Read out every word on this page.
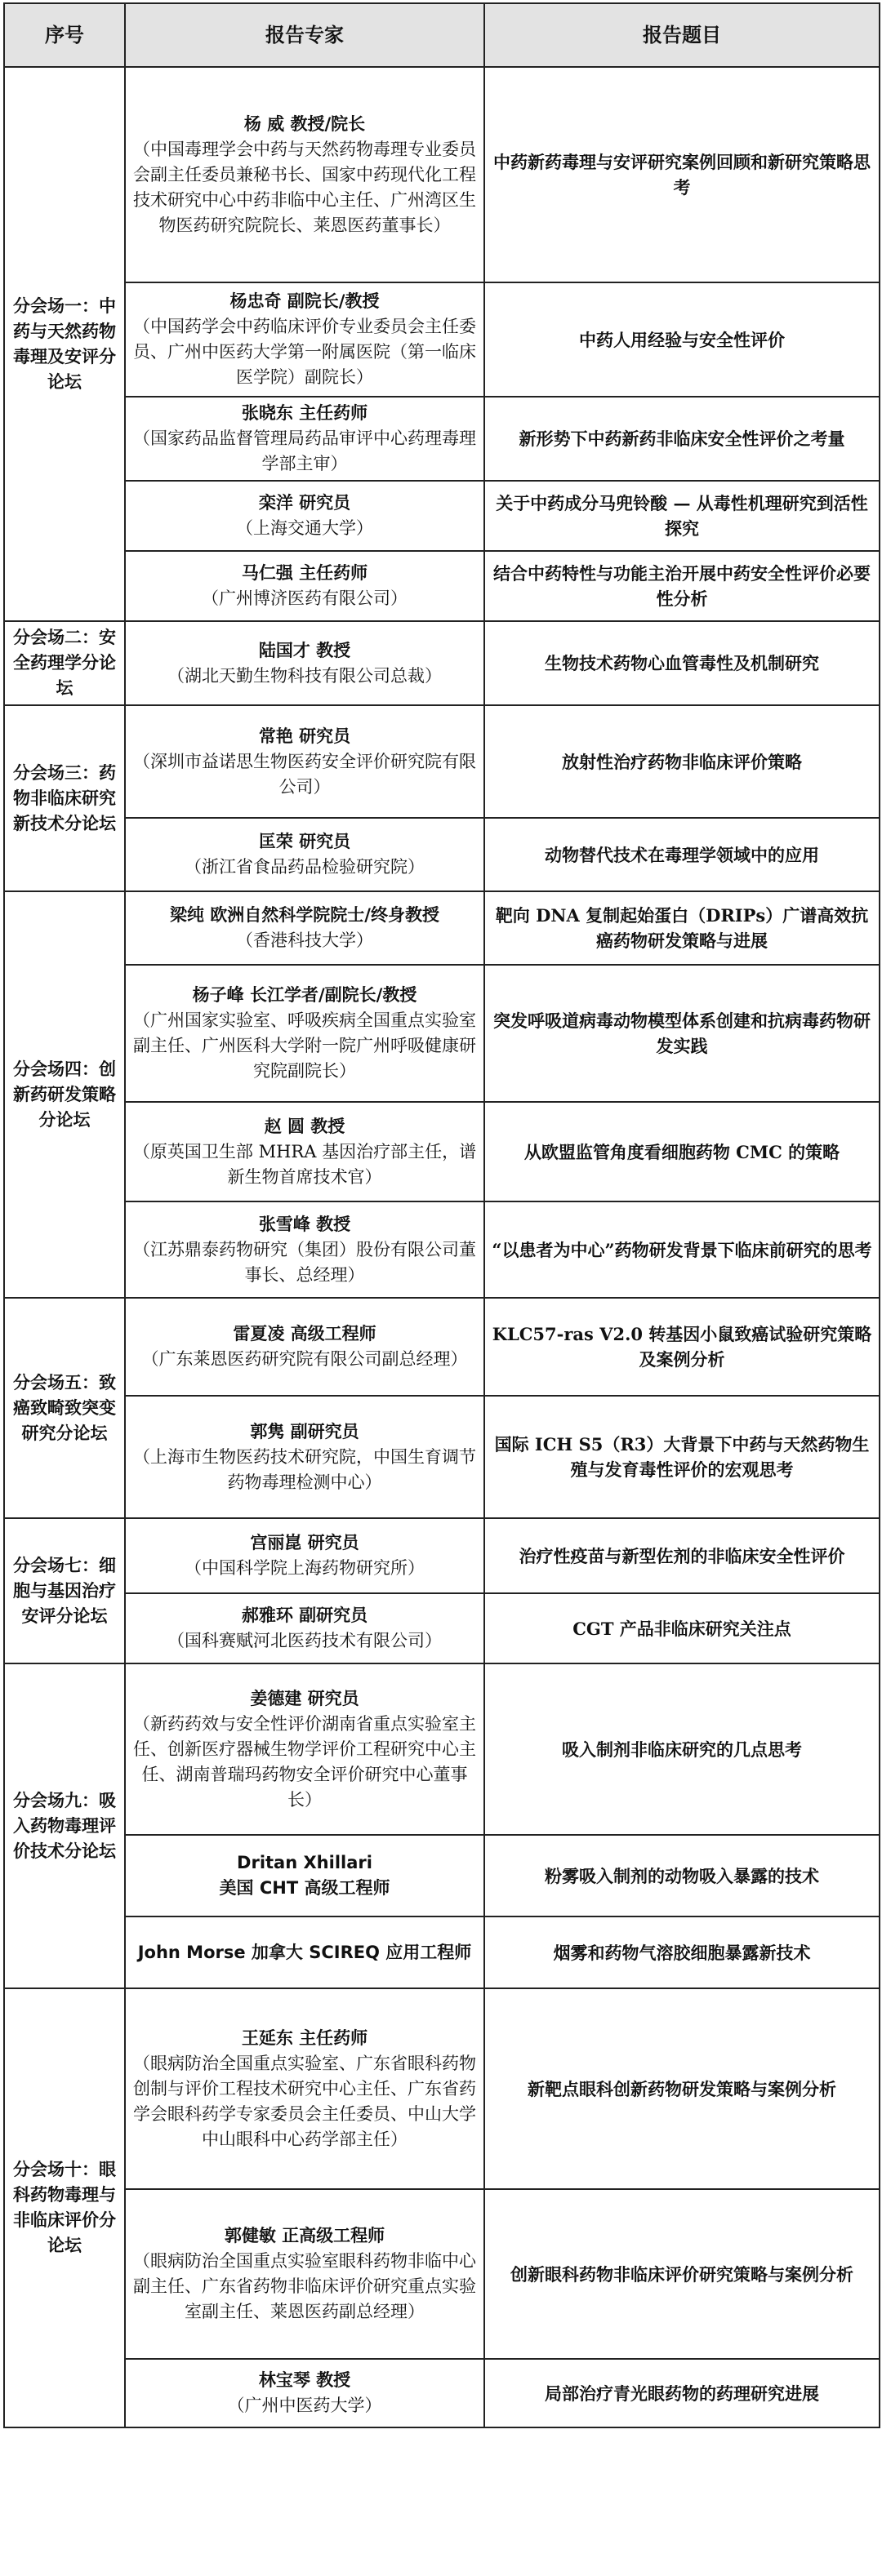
序号	报告专家	报告题目
分会场一：中药与天然药物毒理及安评分论坛	杨 威 教授/院长
（中国毒理学会中药与天然药物毒理专业委员会副主任委员兼秘书长、国家中药现代化工程技术研究中心中药非临中心主任、广州湾区生物医药研究院院长、莱恩医药董事长）	中药新药毒理与安评研究案例回顾和新研究策略思考

	杨忠奇 副院长/教授
（中国药学会中药临床评价专业委员会主任委员、广州中医药大学第一附属医院（第一临床医学院）副院长）	中药人用经验与安全性评价

	张晓东 主任药师
（国家药品监督管理局药品审评中心药理毒理学部主审）	新形势下中药新药非临床安全性评价之考量

	栾洋 研究员
（上海交通大学）	关于中药成分马兜铃酸 — 从毒性机理研究到活性探究

	马仁强 主任药师
（广州博济医药有限公司）	结合中药特性与功能主治开展中药安全性评价必要性分析
分会场二：安全药理学分论坛	陆国才 教授
（湖北天勤生物科技有限公司总裁）	生物技术药物心血管毒性及机制研究
分会场三：药物非临床研究新技术分论坛	常艳 研究员
（深圳市益诺思生物医药安全评价研究院有限公司）	放射性治疗药物非临床评价策略

	匡荣 研究员
（浙江省食品药品检验研究院）	动物替代技术在毒理学领域中的应用
分会场四：创新药研发策略分论坛	梁纯 欧洲自然科学院院士/终身教授
（香港科技大学）	靶向 DNA 复制起始蛋白（DRIPs）广谱高效抗癌药物研发策略与进展

	杨子峰 长江学者/副院长/教授
（广州国家实验室、呼吸疾病全国重点实验室副主任、广州医科大学附一院广州呼吸健康研究院副院长）	突发呼吸道病毒动物模型体系创建和抗病毒药物研发实践

	赵 圆 教授
（原英国卫生部 MHRA 基因治疗部主任，谱新生物首席技术官）	从欧盟监管角度看细胞药物 CMC 的策略

	张雪峰 教授
（江苏鼎泰药物研究（集团）股份有限公司董事长、总经理）	“以患者为中心”药物研发背景下临床前研究的思考
分会场五：致癌致畸致突变研究分论坛	雷夏凌 高级工程师
（广东莱恩医药研究院有限公司副总经理）	KLC57-ras V2.0 转基因小鼠致癌试验研究策略及案例分析

	郭隽 副研究员
（上海市生物医药技术研究院，中国生育调节药物毒理检测中心）	国际 ICH S5（R3）大背景下中药与天然药物生殖与发育毒性评价的宏观思考
分会场七：细胞与基因治疗安评分论坛	宫丽崑 研究员
（中国科学院上海药物研究所）	治疗性疫苗与新型佐剂的非临床安全性评价

	郝雅环 副研究员
（国科赛赋河北医药技术有限公司）	CGT 产品非临床研究关注点
分会场九：吸入药物毒理评价技术分论坛	姜德建 研究员
（新药药效与安全性评价湖南省重点实验室主任、创新医疗器械生物学评价工程研究中心主任、湖南普瑞玛药物安全评价研究中心董事长）	吸入制剂非临床研究的几点思考

	Dritan Xhillari
美国 CHT 高级工程师	粉雾吸入制剂的动物吸入暴露的技术

	John Morse 加拿大 SCIREQ 应用工程师	烟雾和药物气溶胶细胞暴露新技术
分会场十：眼科药物毒理与非临床评价分论坛	王延东 主任药师
（眼病防治全国重点实验室、广东省眼科药物创制与评价工程技术研究中心主任、广东省药学会眼科药学专家委员会主任委员、中山大学中山眼科中心药学部主任）	新靶点眼科创新药物研发策略与案例分析

	郭健敏 正高级工程师
（眼病防治全国重点实验室眼科药物非临中心副主任、广东省药物非临床评价研究重点实验室副主任、莱恩医药副总经理）	创新眼科药物非临床评价研究策略与案例分析

	林宝琴 教授
（广州中医药大学）	局部治疗青光眼药物的药理研究进展
